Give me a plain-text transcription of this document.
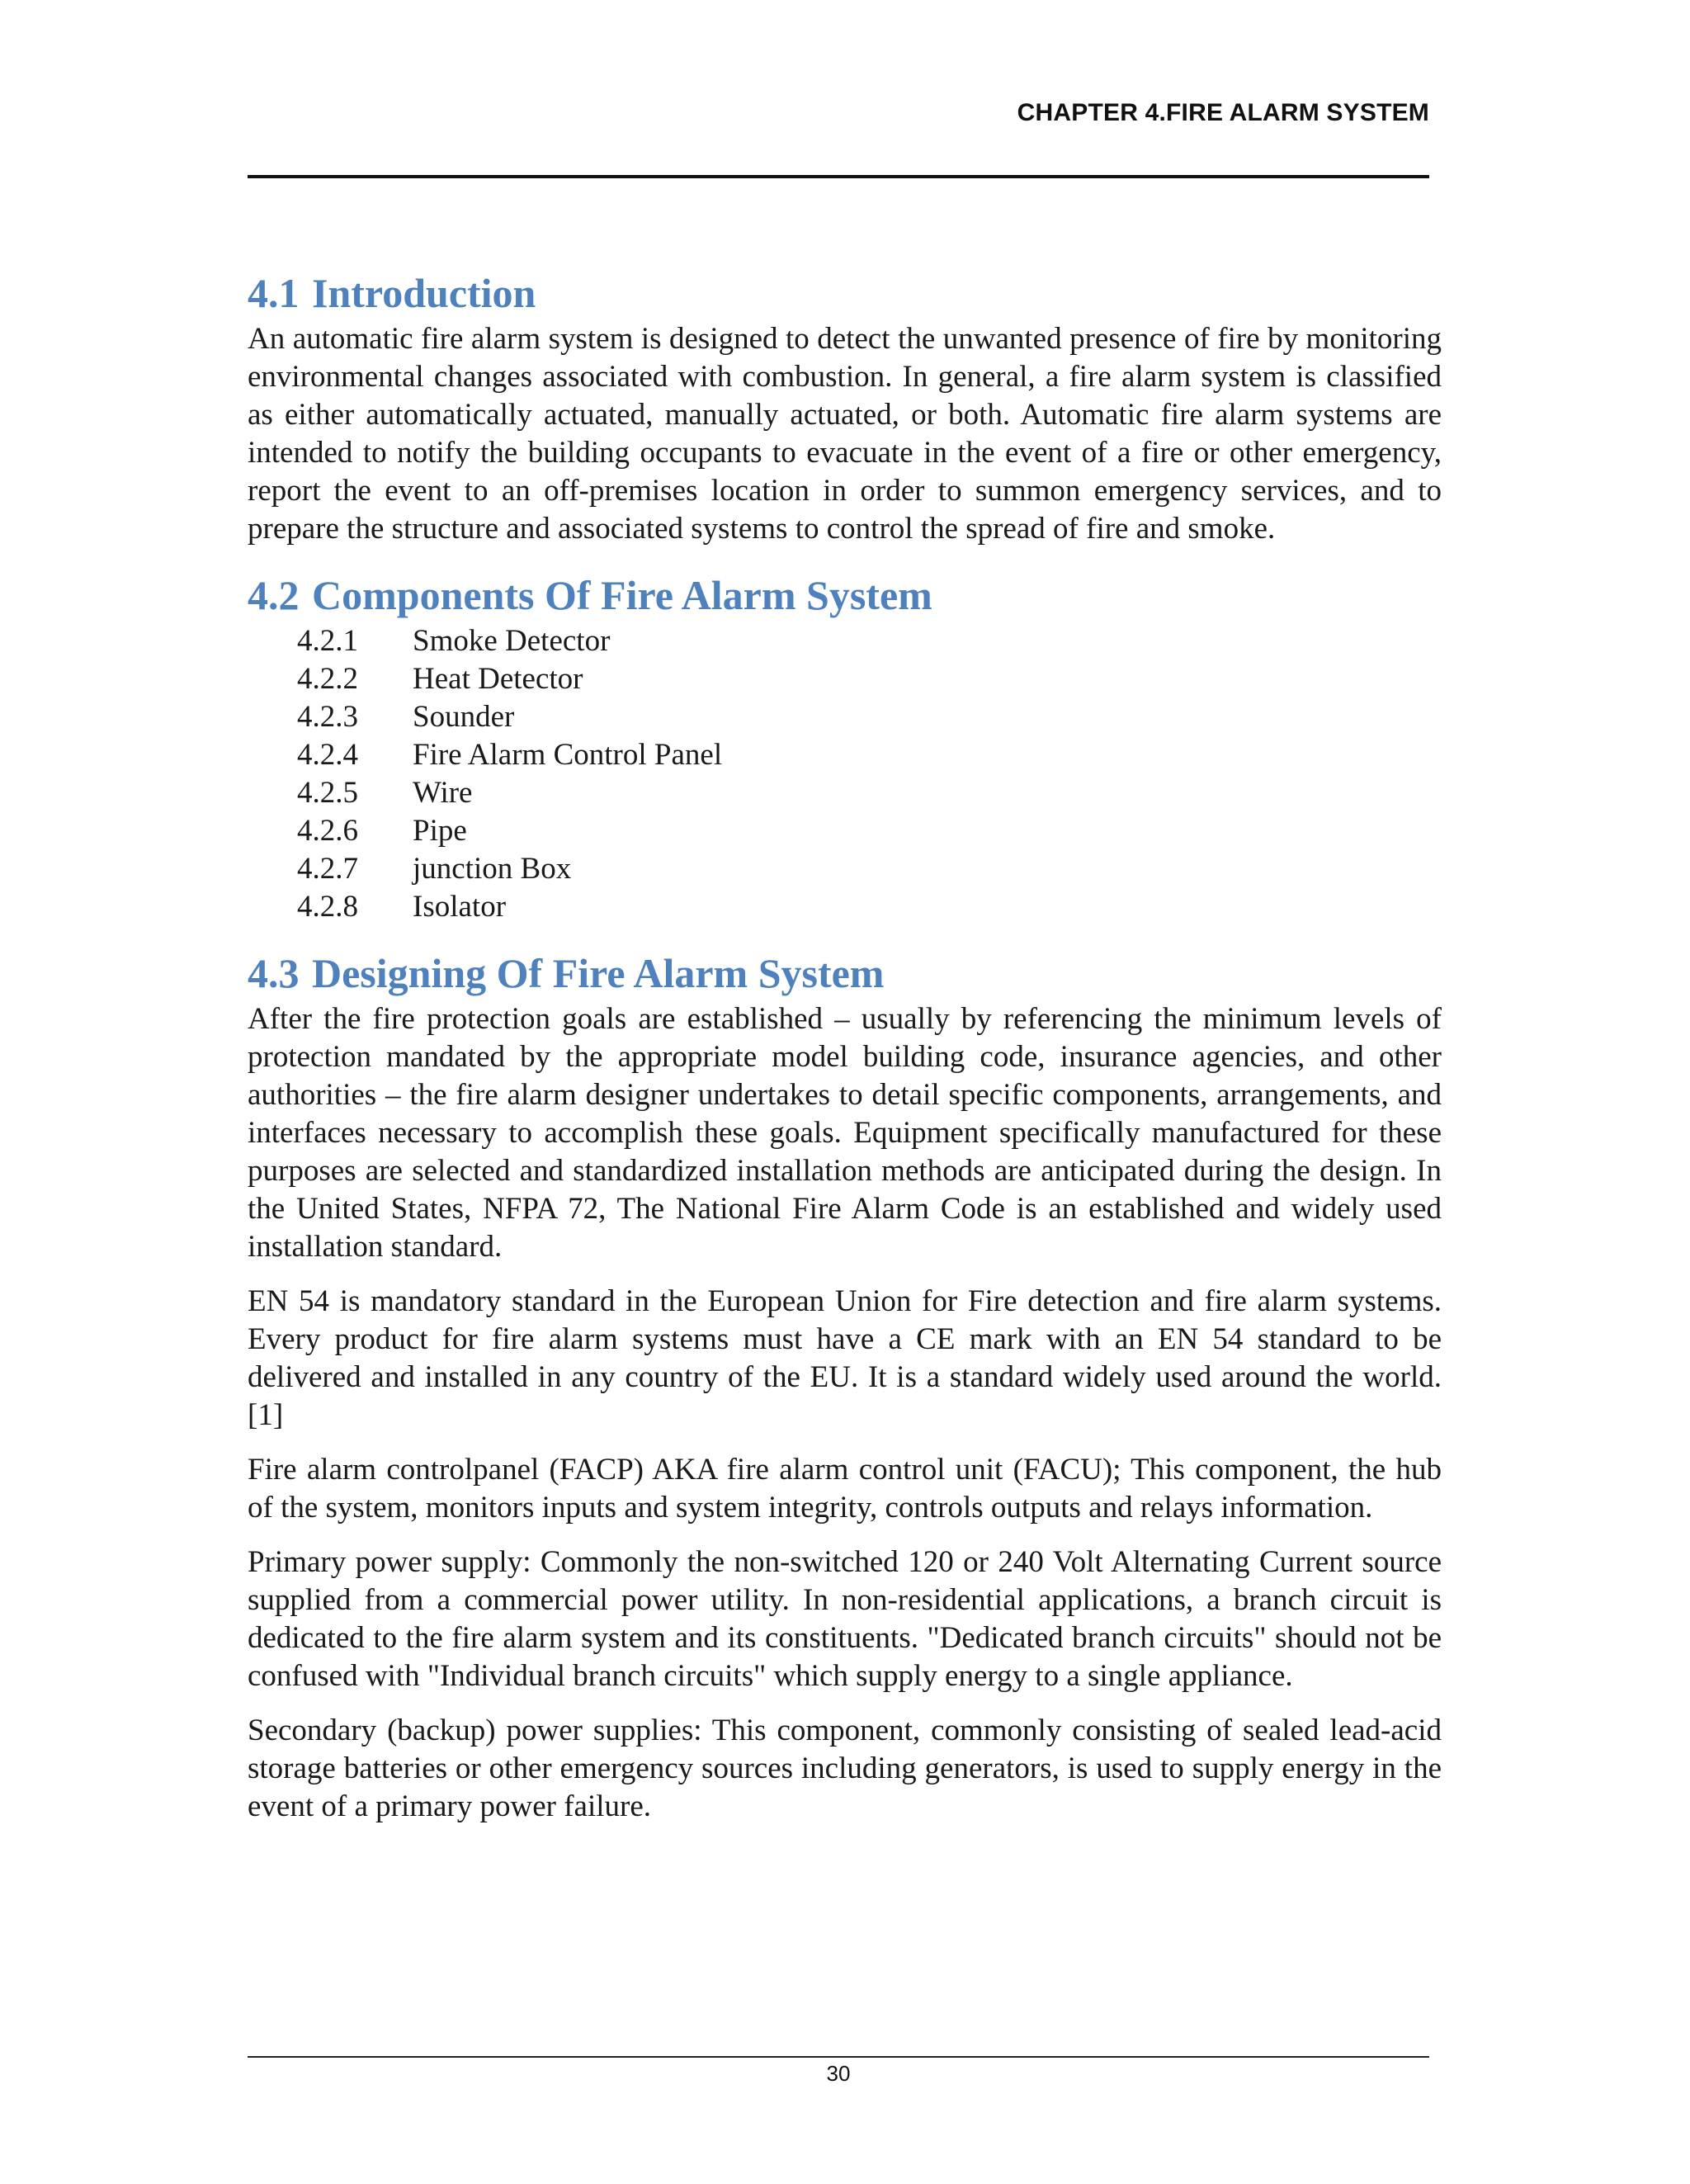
CHAPTER 4.FIRE ALARM SYSTEM
4.1 Introduction

An automatic fire alarm system is designed to detect the unwanted presence of fire by monitoring environmental changes associated with combustion. In general, a fire alarm system is classified as either automatically actuated, manually actuated, or both. Automatic fire alarm systems are intended to notify the building occupants to evacuate in the event of a fire or other emergency, report the event to an off-premises location in order to summon emergency services, and to prepare the structure and associated systems to control the spread of fire and smoke.

4.2 Components Of Fire Alarm System
4.2.1 Smoke Detector
4.2.2 Heat Detector
4.2.3 Sounder
4.2.4 Fire Alarm Control Panel
4.2.5 Wire
4.2.6 Pipe
4.2.7 junction Box
4.2.8 Isolator
4.3 Designing Of Fire Alarm System

After the fire protection goals are established – usually by referencing the minimum levels of protection mandated by the appropriate model building code, insurance agencies, and other authorities – the fire alarm designer undertakes to detail specific components, arrangements, and interfaces necessary to accomplish these goals. Equipment specifically manufactured for these purposes are selected and standardized installation methods are anticipated during the design. In the United States, NFPA 72, The National Fire Alarm Code is an established and widely used installation standard.

EN 54 is mandatory standard in the European Union for Fire detection and fire alarm systems. Every product for fire alarm systems must have a CE mark with an EN 54 standard to be delivered and installed in any country of the EU. It is a standard widely used around the world.[1]

Fire alarm controlpanel (FACP) AKA fire alarm control unit (FACU); This component, the hub of the system, monitors inputs and system integrity, controls outputs and relays information.

Primary power supply: Commonly the non-switched 120 or 240 Volt Alternating Current source supplied from a commercial power utility. In non-residential applications, a branch circuit is dedicated to the fire alarm system and its constituents. "Dedicated branch circuits" should not be confused with "Individual branch circuits" which supply energy to a single appliance.

Secondary (backup) power supplies: This component, commonly consisting of sealed lead-acid storage batteries or other emergency sources including generators, is used to supply energy in the event of a primary power failure.

30
